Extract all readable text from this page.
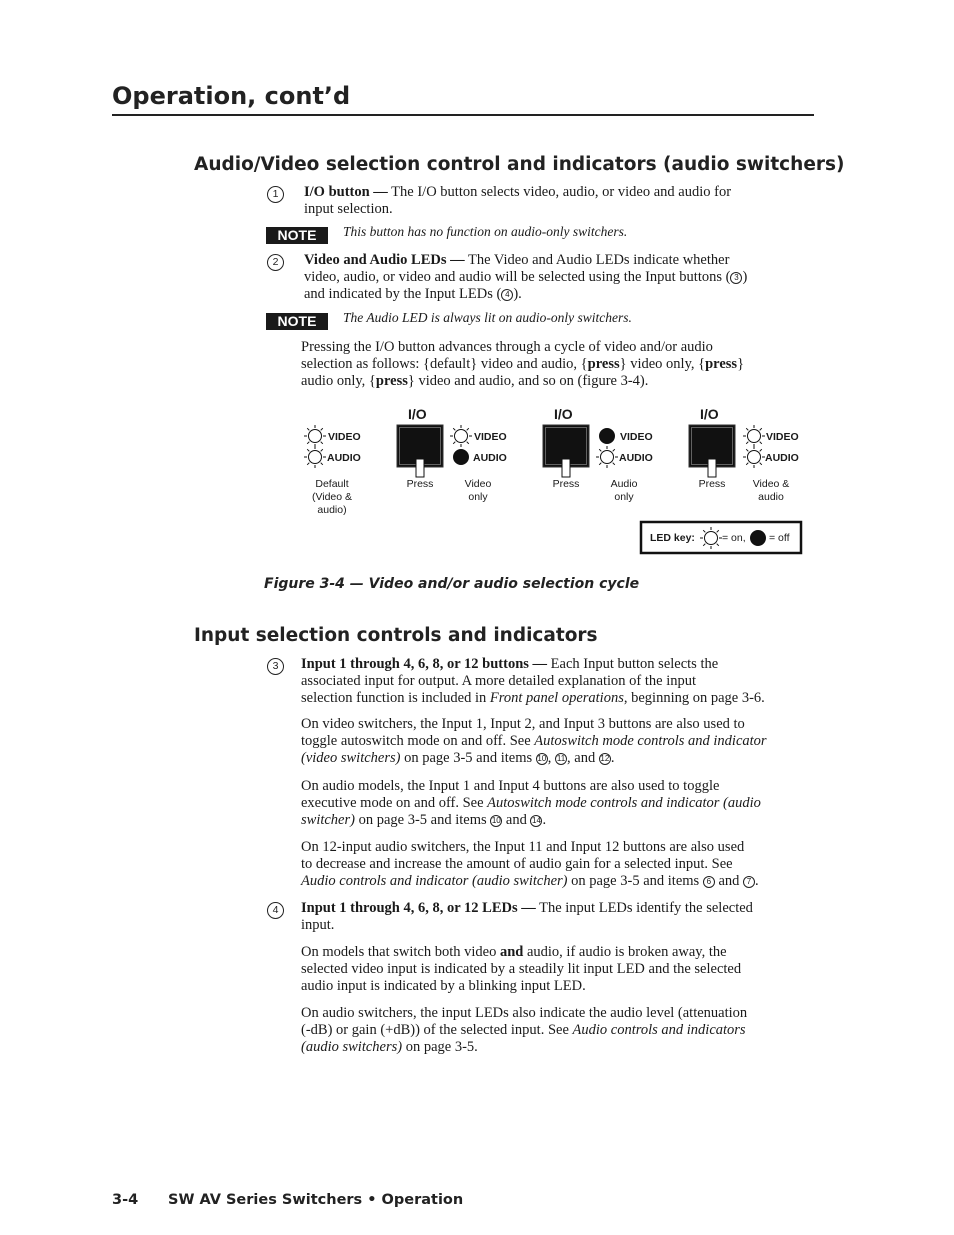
Operation, cont’d
Audio/Video selection control and indicators (audio switchers)
1	I/O button — The I/O button selects video, audio, or video and audio for
input selection.
NOTE	This button has no function on audio-only switchers.
2	Video and Audio LEDs — The Video and Audio LEDs indicate whether
video, audio, or video and audio will be selected using the Input buttons ( 3 )
and indicated by the Input LEDs ( 4 ).
NOTE	The Audio LED is always lit on audio-only switchers.
Pressing the I/O button advances through a cycle of video and/or audio
selection as follows: {default} video and audio, {press} video only, {press}
audio only, {press} video and audio, and so on (figure 3-4).
I/O	I/O	I/O
VIDEO
AUDIO
VIDEO
AUDIO
VIDEO
AUDIO
VIDEO
AUDIO
Press	Press	Press
Default
(Video &
audio)
Video
only
Audio
only
Video &
audio
LED key:	= on, = off
Figure 3-4 — Video and/or audio selection cycle
Input selection controls and indicators
3	Input 1 through 4, 6, 8, or 12 buttons — Each Input button selects the
associated input for output. A more detailed explanation of the input
selection function is included in Front panel operations, beginning on page 3-6.
On video switchers, the Input 1, Input 2, and Input 3 buttons are also used to
toggle autoswitch mode on and off. See Autoswitch mode controls and indicator
(video switchers) on page 3-5 and items 10 , 11 , and 12 .
On audio models, the Input 1 and Input 4 buttons are also used to toggle
executive mode on and off. See Autoswitch mode controls and indicator (audio
switcher) on page 3-5 and items 10 and 14 .
On 12-input audio switchers, the Input 11 and Input 12 buttons are also used
to decrease and increase the amount of audio gain for a selected input. See
Audio controls and indicator (audio switcher) on page 3-5 and items 6 and 7 .
4	Input 1 through 4, 6, 8, or 12 LEDs — The input LEDs identify the selected
input.
On models that switch both video and audio, if audio is broken away, the
selected video input is indicated by a steadily lit input LED and the selected
audio input is indicated by a blinking input LED.
On audio switchers, the input LEDs also indicate the audio level (attenuation
(-dB) or gain (+dB)) of the selected input. See Audio controls and indicators
(audio switchers) on page 3-5.
3-4 SW AV Series Switchers • Operation
